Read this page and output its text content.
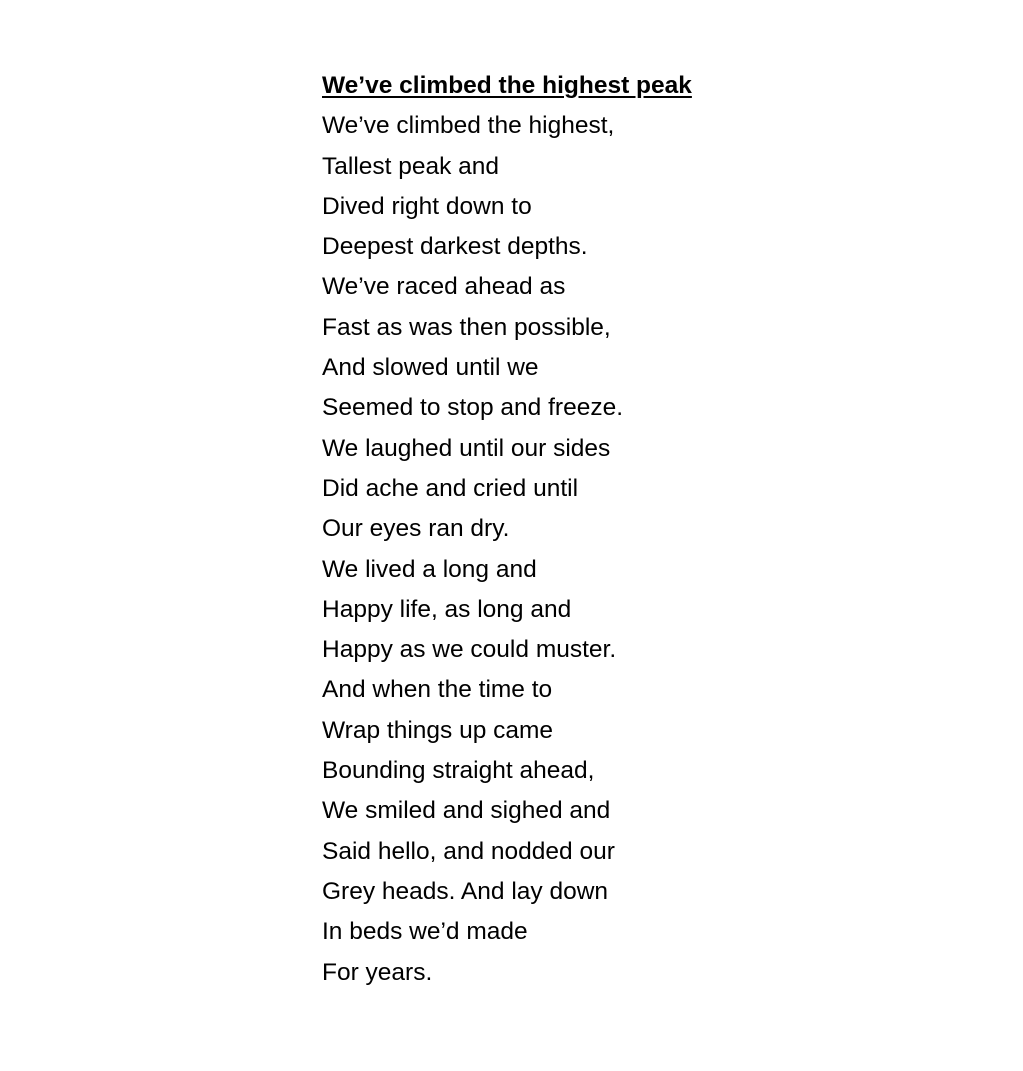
We’ve climbed the highest peak
We’ve climbed the highest,
Tallest peak and
Dived right down to
Deepest darkest depths.
We’ve raced ahead as
Fast as was then possible,
And slowed until we
Seemed to stop and freeze.
We laughed until our sides
Did ache and cried until
Our eyes ran dry.
We lived a long and
Happy life, as long and
Happy as we could muster.
And when the time to
Wrap things up came
Bounding straight ahead,
We smiled and sighed and
Said hello, and nodded our
Grey heads. And lay down
In beds we’d made
For years.
